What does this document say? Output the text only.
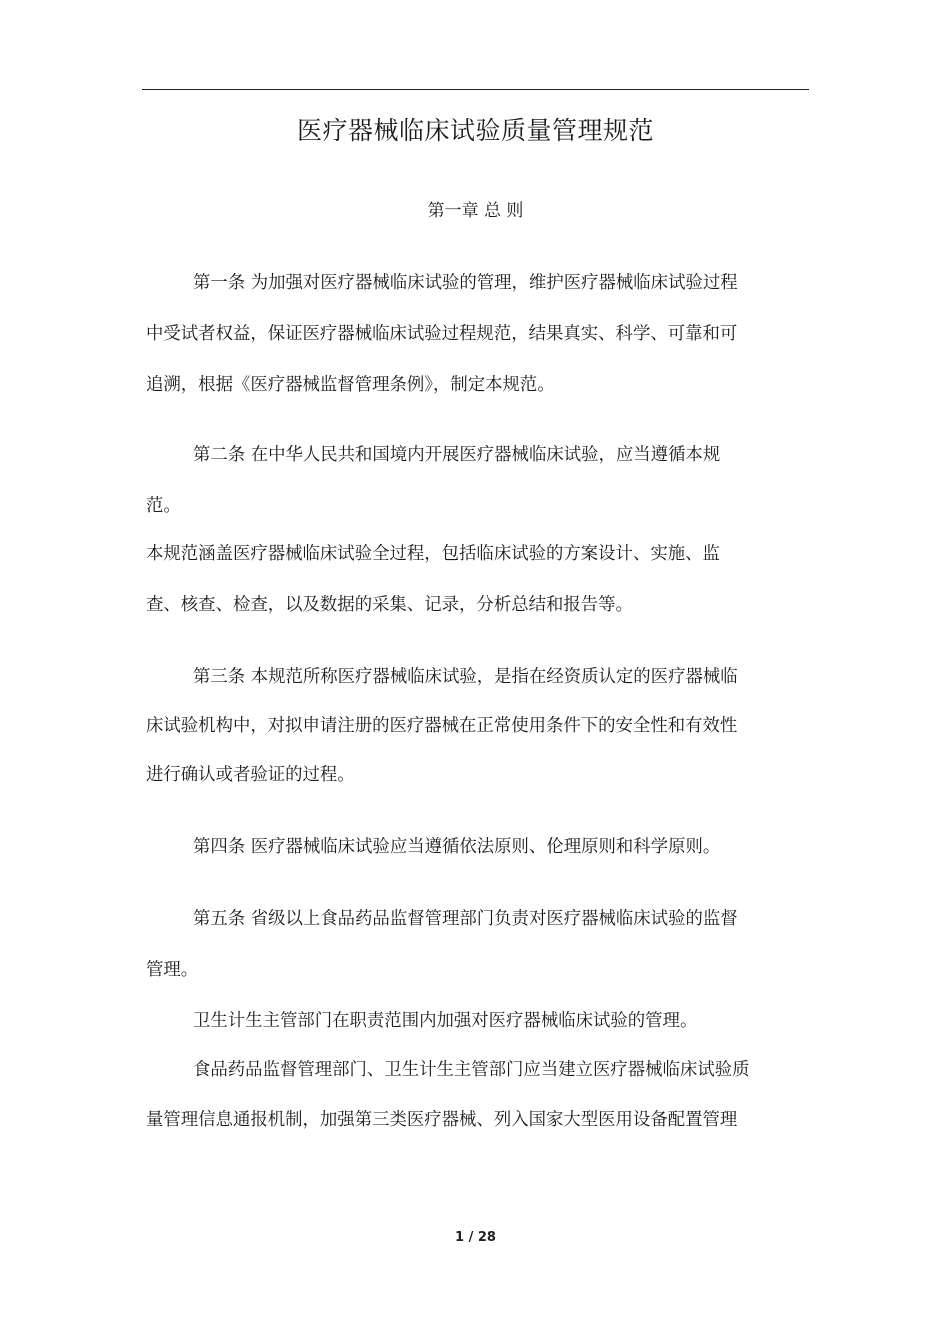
医疗器械临床试验质量管理规范
第一章 总 则
第一条 为加强对医疗器械临床试验的管理，维护医疗器械临床试验过程
中受试者权益，保证医疗器械临床试验过程规范，结果真实、科学、可靠和可
追溯，根据《医疗器械监督管理条例》，制定本规范。
第二条 在中华人民共和国境内开展医疗器械临床试验，应当遵循本规
范。
本规范涵盖医疗器械临床试验全过程，包括临床试验的方案设计、实施、监
查、核查、检查，以及数据的采集、记录，分析总结和报告等。
第三条 本规范所称医疗器械临床试验，是指在经资质认定的医疗器械临
床试验机构中，对拟申请注册的医疗器械在正常使用条件下的安全性和有效性
进行确认或者验证的过程。
第四条 医疗器械临床试验应当遵循依法原则、伦理原则和科学原则。
第五条 省级以上食品药品监督管理部门负责对医疗器械临床试验的监督
管理。
卫生计生主管部门在职责范围内加强对医疗器械临床试验的管理。
食品药品监督管理部门、卫生计生主管部门应当建立医疗器械临床试验质
量管理信息通报机制，加强第三类医疗器械、列入国家大型医用设备配置管理
1 / 28
